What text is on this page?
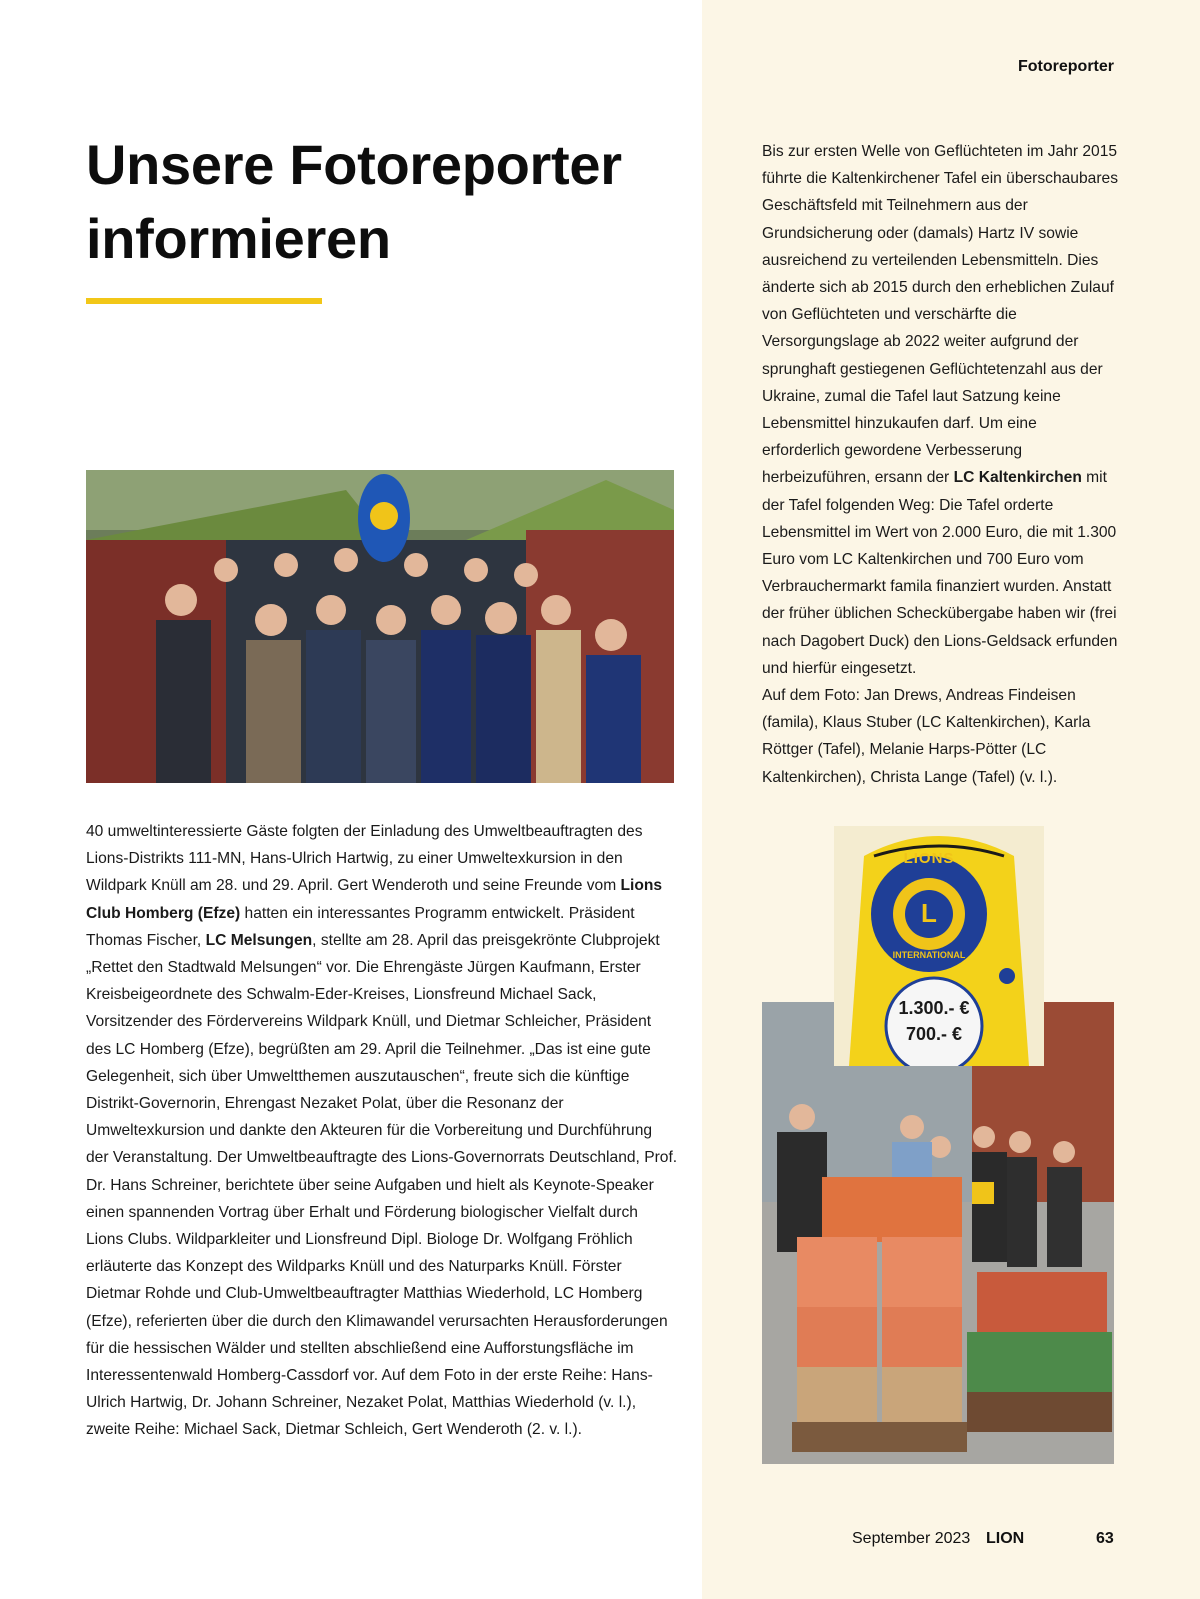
Fotoreporter
Unsere Fotoreporter
informieren
40 umweltinteressierte Gäste folgten der Einladung des Umweltbeauftragten des Lions-Distrikts 111-MN, Hans-Ulrich Hartwig, zu einer Umweltexkursion in den Wildpark Knüll am 28. und 29. April. Gert Wenderoth und seine Freunde vom Lions Club Homberg (Efze) hatten ein interessantes Programm entwickelt. Präsident Thomas Fischer, LC Melsungen, stellte am 28. April das preisgekrönte Clubprojekt „Rettet den Stadtwald Melsungen“ vor. Die Ehrengäste Jürgen Kaufmann, Erster Kreisbeigeordnete des Schwalm-Eder-Kreises, Lionsfreund Michael Sack, Vorsitzender des Fördervereins Wildpark Knüll, und Dietmar Schleicher, Präsident des LC Homberg (Efze), begrüßten am 29. April die Teilnehmer. „Das ist eine gute Gelegenheit, sich über Umweltthemen auszutauschen“, freute sich die künftige Distrikt-Governorin, Ehrengast Nezaket Polat, über die Resonanz der Umweltexkursion und dankte den Akteuren für die Vorbereitung und Durchführung der Veranstaltung. Der Umweltbeauftragte des Lions-Governorrats Deutschland, Prof. Dr. Hans Schreiner, berichtete über seine Aufgaben und hielt als Keynote-Speaker einen spannenden Vortrag über Erhalt und Förderung biologischer Vielfalt durch Lions Clubs. Wildparkleiter und Lionsfreund Dipl. Biologe Dr. Wolfgang Fröhlich erläuterte das Konzept des Wildparks Knüll und des Naturparks Knüll. Förster Dietmar Rohde und Club-Umweltbeauftragter Matthias Wiederhold, LC Homberg (Efze), referierten über die durch den Klimawandel verursachten Herausforderungen für die hessischen Wälder und stellten abschließend eine Aufforstungsfläche im Interessentenwald Homberg-Cassdorf vor. Auf dem Foto in der erste Reihe: Hans-Ulrich Hartwig, Dr. Johann Schreiner, Nezaket Polat, Matthias Wiederhold (v. l.), zweite Reihe: Michael Sack, Dietmar Schleich, Gert Wenderoth (2. v. l.).
Bis zur ersten Welle von Geflüchteten im Jahr 2015 führte die Kaltenkirchener Tafel ein überschaubares Geschäftsfeld mit Teilnehmern aus der Grundsicherung oder (damals) Hartz IV sowie ausreichend zu verteilenden Lebensmitteln. Dies änderte sich ab 2015 durch den erheblichen Zulauf von Geflüchteten und verschärfte die Versorgungslage ab 2022 weiter aufgrund der sprunghaft gestiegenen Geflüchtetenzahl aus der Ukraine, zumal die Tafel laut Satzung keine Lebensmittel hinzukaufen darf. Um eine erforderlich gewordene Verbesserung herbeizuführen, ersann der LC Kaltenkirchen mit der Tafel folgenden Weg: Die Tafel orderte Lebensmittel im Wert von 2.000 Euro, die mit 1.300 Euro vom LC Kaltenkirchen und 700 Euro vom Verbrauchermarkt famila finanziert wurden. Anstatt der früher üblichen Scheckübergabe haben wir (frei nach Dagobert Duck) den Lions-Geldsack erfunden und hierfür eingesetzt.
Auf dem Foto: Jan Drews, Andreas Findeisen (famila), Klaus Stuber (LC Kaltenkirchen), Karla Röttger (Tafel), Melanie Harps-Pötter (LC Kaltenkirchen), Christa Lange (Tafel) (v. l.).
LIONS
L
INTERNATIONAL
1.300.- €
700.- €
September 2023 LION	63
